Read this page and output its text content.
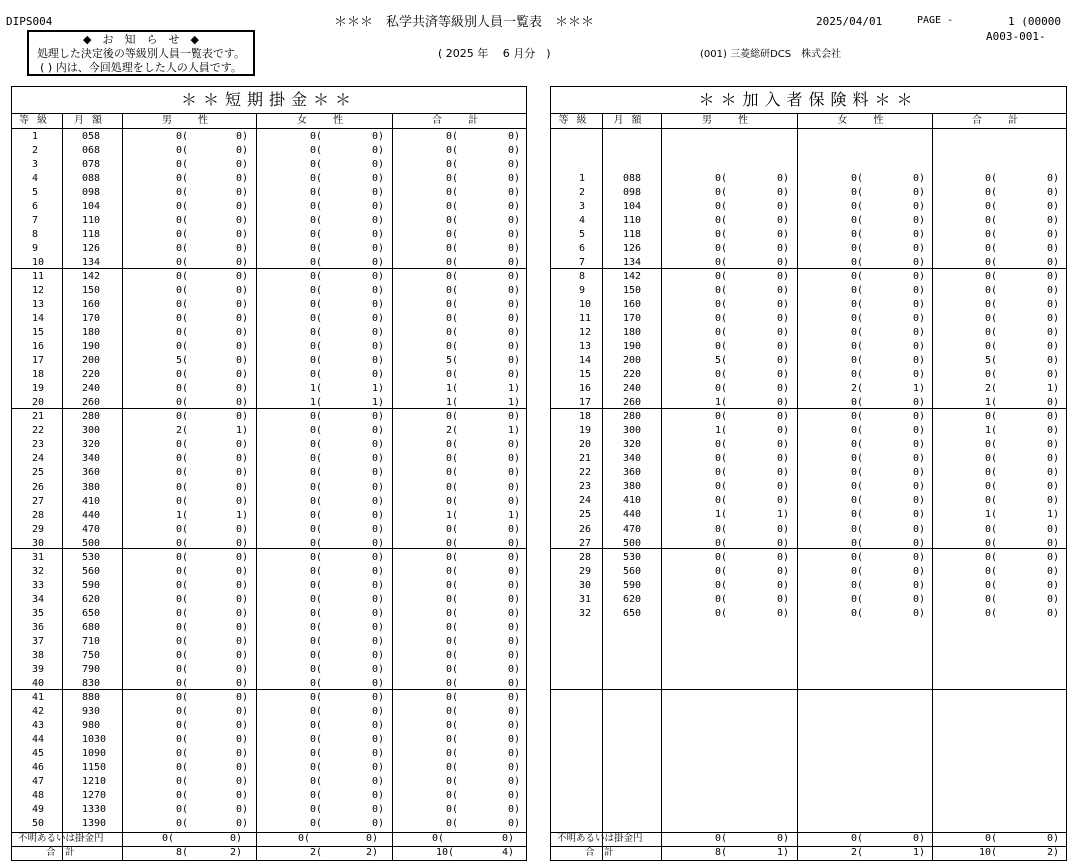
DIPS004	＊＊＊　私学共済等級別人員一覧表　＊＊＊	2025/04/01	PAGE -	1 (00000
A003-001-
( 2025 年　 6 月分　)	(001) 三菱総研DCS　株式会社
◆　お　知　ら　せ　◆
処理した決定後の等級別人員一覧表です。
( ) 内は、今回処理をした人の人員です。
＊＊短期掛金＊＊
等級	月額	男　性	女　性	合　計
1	058	0(	0)	0(	0)	0(	0)
2	068	0(	0)	0(	0)	0(	0)
3	078	0(	0)	0(	0)	0(	0)
4	088	0(	0)	0(	0)	0(	0)
5	098	0(	0)	0(	0)	0(	0)
6	104	0(	0)	0(	0)	0(	0)
7	110	0(	0)	0(	0)	0(	0)
8	118	0(	0)	0(	0)	0(	0)
9	126	0(	0)	0(	0)	0(	0)
10	134	0(	0)	0(	0)	0(	0)
11	142	0(	0)	0(	0)	0(	0)
12	150	0(	0)	0(	0)	0(	0)
13	160	0(	0)	0(	0)	0(	0)
14	170	0(	0)	0(	0)	0(	0)
15	180	0(	0)	0(	0)	0(	0)
16	190	0(	0)	0(	0)	0(	0)
17	200	5(	0)	0(	0)	5(	0)
18	220	0(	0)	0(	0)	0(	0)
19	240	0(	0)	1(	1)	1(	1)
20	260	0(	0)	1(	1)	1(	1)
21	280	0(	0)	0(	0)	0(	0)
22	300	2(	1)	0(	0)	2(	1)
23	320	0(	0)	0(	0)	0(	0)
24	340	0(	0)	0(	0)	0(	0)
25	360	0(	0)	0(	0)	0(	0)
26	380	0(	0)	0(	0)	0(	0)
27	410	0(	0)	0(	0)	0(	0)
28	440	1(	1)	0(	0)	1(	1)
29	470	0(	0)	0(	0)	0(	0)
30	500	0(	0)	0(	0)	0(	0)
31	530	0(	0)	0(	0)	0(	0)
32	560	0(	0)	0(	0)	0(	0)
33	590	0(	0)	0(	0)	0(	0)
34	620	0(	0)	0(	0)	0(	0)
35	650	0(	0)	0(	0)	0(	0)
36	680	0(	0)	0(	0)	0(	0)
37	710	0(	0)	0(	0)	0(	0)
38	750	0(	0)	0(	0)	0(	0)
39	790	0(	0)	0(	0)	0(	0)
40	830	0(	0)	0(	0)	0(	0)
41	880	0(	0)	0(	0)	0(	0)
42	930	0(	0)	0(	0)	0(	0)
43	980	0(	0)	0(	0)	0(	0)
44	1030	0(	0)	0(	0)	0(	0)
45	1090	0(	0)	0(	0)	0(	0)
46	1150	0(	0)	0(	0)	0(	0)
47	1210	0(	0)	0(	0)	0(	0)
48	1270	0(	0)	0(	0)	0(	0)
49	1330	0(	0)	0(	0)	0(	0)
50	1390	0(	0)	0(	0)	0(	0)
不明あるいは掛金円	0(	0)	0(	0)	0(	0)
合　計	8(	2)	2(	2)	10(	4)
＊＊加入者保険料＊＊
等級	月額	男　性	女　性	合　計
1	088	0(	0)	0(	0)	0(	0)
2	098	0(	0)	0(	0)	0(	0)
3	104	0(	0)	0(	0)	0(	0)
4	110	0(	0)	0(	0)	0(	0)
5	118	0(	0)	0(	0)	0(	0)
6	126	0(	0)	0(	0)	0(	0)
7	134	0(	0)	0(	0)	0(	0)
8	142	0(	0)	0(	0)	0(	0)
9	150	0(	0)	0(	0)	0(	0)
10	160	0(	0)	0(	0)	0(	0)
11	170	0(	0)	0(	0)	0(	0)
12	180	0(	0)	0(	0)	0(	0)
13	190	0(	0)	0(	0)	0(	0)
14	200	5(	0)	0(	0)	5(	0)
15	220	0(	0)	0(	0)	0(	0)
16	240	0(	0)	2(	1)	2(	1)
17	260	1(	0)	0(	0)	1(	0)
18	280	0(	0)	0(	0)	0(	0)
19	300	1(	0)	0(	0)	1(	0)
20	320	0(	0)	0(	0)	0(	0)
21	340	0(	0)	0(	0)	0(	0)
22	360	0(	0)	0(	0)	0(	0)
23	380	0(	0)	0(	0)	0(	0)
24	410	0(	0)	0(	0)	0(	0)
25	440	1(	1)	0(	0)	1(	1)
26	470	0(	0)	0(	0)	0(	0)
27	500	0(	0)	0(	0)	0(	0)
28	530	0(	0)	0(	0)	0(	0)
29	560	0(	0)	0(	0)	0(	0)
30	590	0(	0)	0(	0)	0(	0)
31	620	0(	0)	0(	0)	0(	0)
32	650	0(	0)	0(	0)	0(	0)
不明あるいは掛金円	0(	0)	0(	0)	0(	0)
合　計	8(	1)	2(	1)	10(	2)
